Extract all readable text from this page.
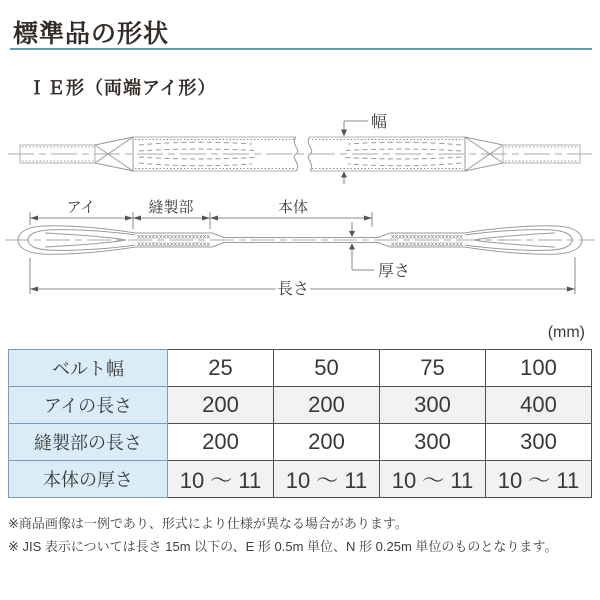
標準品の形状
ＩＥ形（両端アイ形）
幅
xxxxxxxxxxxxxxxxxxxx
xxxxxxxxxxxxxxxxxxxx
xxxxxxxxxxxxxxxxxxxx
xxxxxxxxxxxxxxxxxxxx
アイ	縫製部	本体
厚さ
長さ
(mm)
ベルト幅	25	50	75	100
アイの長さ	200	200	300	400
縫製部の長さ	200	200	300	300
本体の厚さ	10 ～ 11	10 ～ 11	10 ～ 11	10 ～ 11
※商品画像は一例であり、形式により仕様が異なる場合があります。
※ JIS 表示については長さ 15m 以下の、E 形 0.5m 単位、N 形 0.25m 単位のものとなります。
